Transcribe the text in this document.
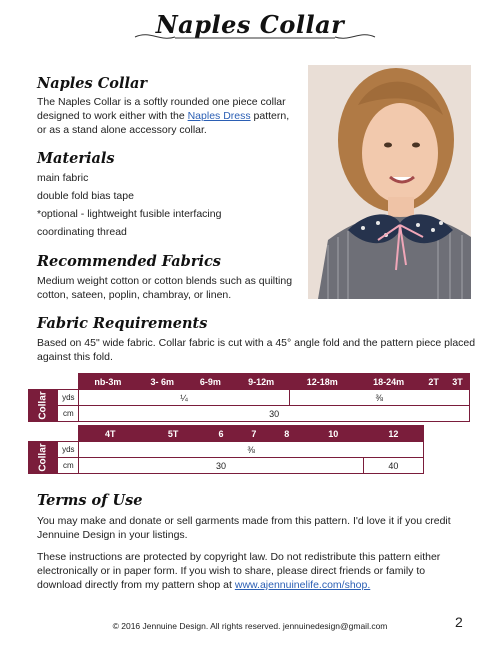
Naples Collar

Naples Collar

The Naples Collar is a softly rounded one piece collar designed to work either with the Naples Dress pattern, or as a stand alone accessory collar.

Materials

main fabric

double fold bias tape

*optional - lightweight fusible interfacing

coordinating thread

Recommended Fabrics

Medium weight cotton or cotton blends such as quilting cotton, sateen, poplin, chambray, or linen.

Fabric Requirements

Based on 45" wide fabric. Collar fabric is cut with a 45° angle fold and the pattern piece placed against this fold.

		nb-3m	3- 6m	6-9m	9-12m	12-18m	18-24m	2T	3T
Collar	yds	¼				⅜			
	cm	30							
		4T	5T	6	7	8	10	12
Collar	yds	⅜						
	cm	30						40

Terms of Use

You may make and donate or sell garments made from this pattern. I'd love it if you credit Jennuine Design in your listings.

These instructions are protected by copyright law. Do not redistribute this pattern either electronically or in paper form. If you wish to share, please direct friends or family to download directly from my pattern shop at www.ajennuinelife.com/shop.

© 2016 Jennuine Design. All rights reserved. jennuinedesign@gmail.com	2
